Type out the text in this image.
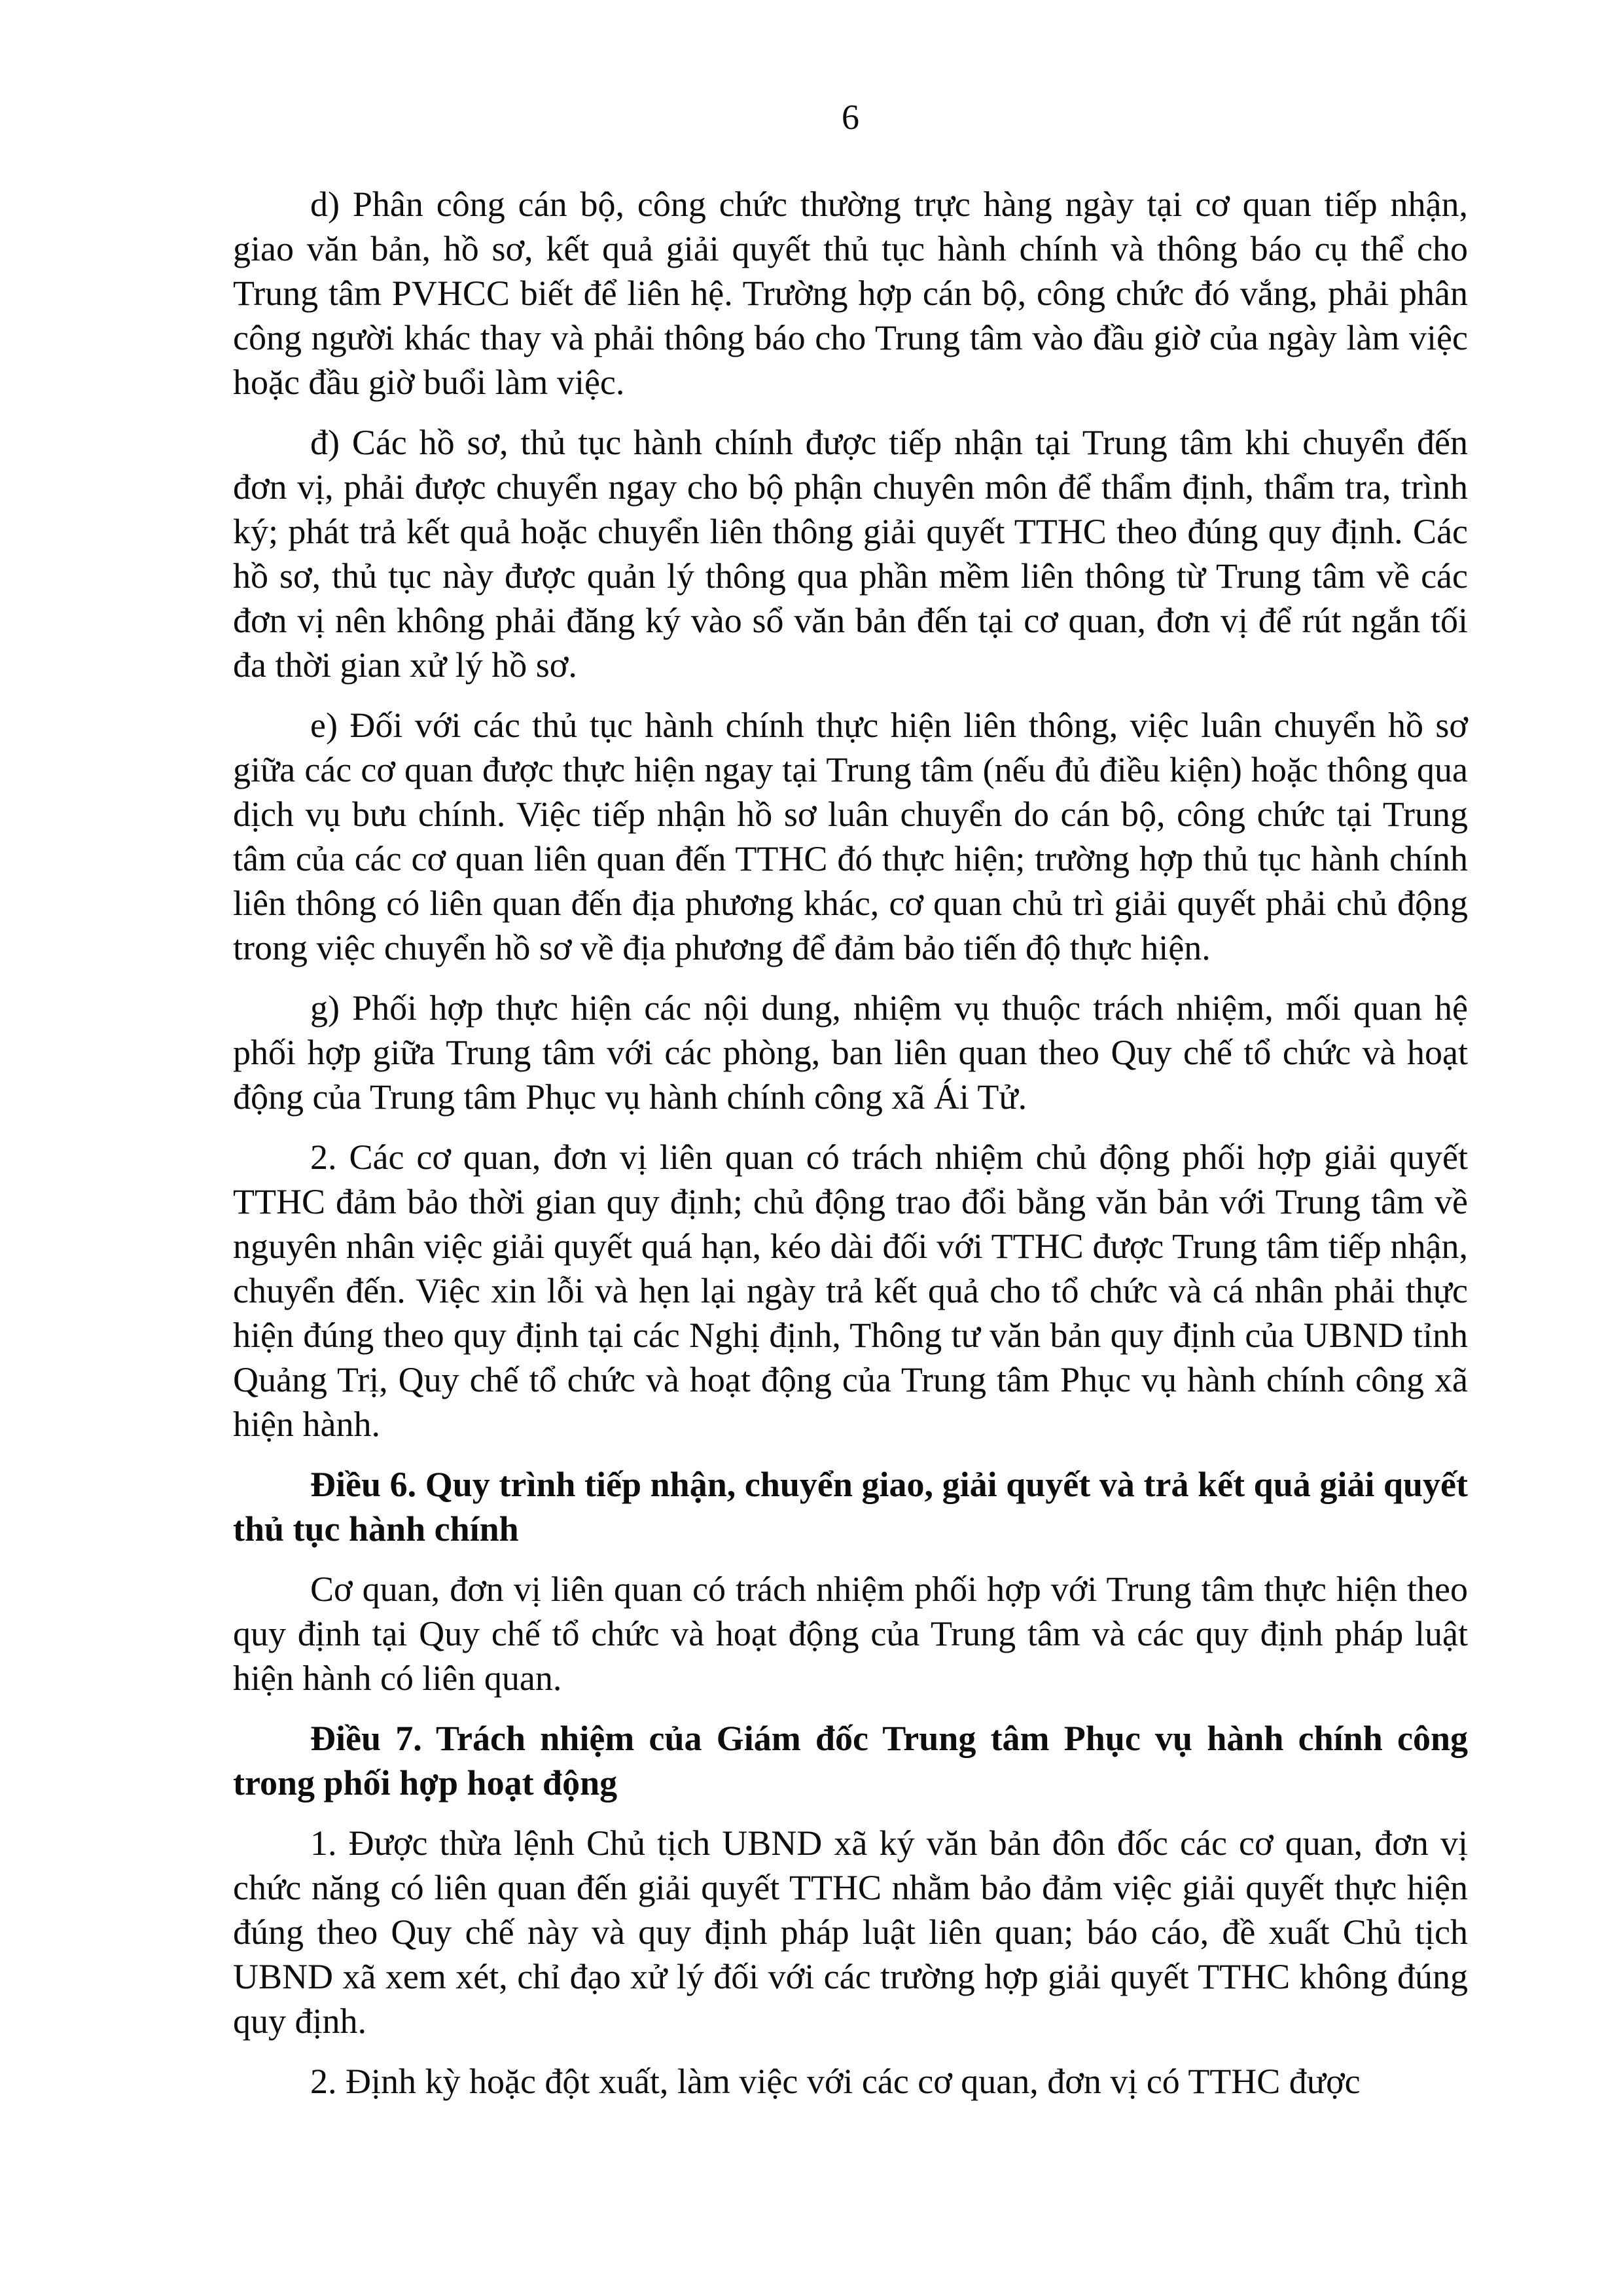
6

d) Phân công cán bộ, công chức thường trực hàng ngày tại cơ quan tiếp nhận, giao văn bản, hồ sơ, kết quả giải quyết thủ tục hành chính và thông báo cụ thể cho Trung tâm PVHCC biết để liên hệ. Trường hợp cán bộ, công chức đó vắng, phải phân công người khác thay và phải thông báo cho Trung tâm vào đầu giờ của ngày làm việc hoặc đầu giờ buổi làm việc.

đ) Các hồ sơ, thủ tục hành chính được tiếp nhận tại Trung tâm khi chuyển đến đơn vị, phải được chuyển ngay cho bộ phận chuyên môn để thẩm định, thẩm tra, trình ký; phát trả kết quả hoặc chuyển liên thông giải quyết TTHC theo đúng quy định. Các hồ sơ, thủ tục này được quản lý thông qua phần mềm liên thông từ Trung tâm về các đơn vị nên không phải đăng ký vào sổ văn bản đến tại cơ quan, đơn vị để rút ngắn tối đa thời gian xử lý hồ sơ.

e) Đối với các thủ tục hành chính thực hiện liên thông, việc luân chuyển hồ sơ giữa các cơ quan được thực hiện ngay tại Trung tâm (nếu đủ điều kiện) hoặc thông qua dịch vụ bưu chính. Việc tiếp nhận hồ sơ luân chuyển do cán bộ, công chức tại Trung tâm của các cơ quan liên quan đến TTHC đó thực hiện; trường hợp thủ tục hành chính liên thông có liên quan đến địa phương khác, cơ quan chủ trì giải quyết phải chủ động trong việc chuyển hồ sơ về địa phương để đảm bảo tiến độ thực hiện.

g) Phối hợp thực hiện các nội dung, nhiệm vụ thuộc trách nhiệm, mối quan hệ phối hợp giữa Trung tâm với các phòng, ban liên quan theo Quy chế tổ chức và hoạt động của Trung tâm Phục vụ hành chính công xã Ái Tử.

2. Các cơ quan, đơn vị liên quan có trách nhiệm chủ động phối hợp giải quyết TTHC đảm bảo thời gian quy định; chủ động trao đổi bằng văn bản với Trung tâm về nguyên nhân việc giải quyết quá hạn, kéo dài đối với TTHC được Trung tâm tiếp nhận, chuyển đến. Việc xin lỗi và hẹn lại ngày trả kết quả cho tổ chức và cá nhân phải thực hiện đúng theo quy định tại các Nghị định, Thông tư văn bản quy định của UBND tỉnh Quảng Trị, Quy chế tổ chức và hoạt động của Trung tâm Phục vụ hành chính công xã hiện hành.

Điều 6. Quy trình tiếp nhận, chuyển giao, giải quyết và trả kết quả giải quyết thủ tục hành chính

Cơ quan, đơn vị liên quan có trách nhiệm phối hợp với Trung tâm thực hiện theo quy định tại Quy chế tổ chức và hoạt động của Trung tâm và các quy định pháp luật hiện hành có liên quan.

Điều 7. Trách nhiệm của Giám đốc Trung tâm Phục vụ hành chính công trong phối hợp hoạt động

1. Được thừa lệnh Chủ tịch UBND xã ký văn bản đôn đốc các cơ quan, đơn vị chức năng có liên quan đến giải quyết TTHC nhằm bảo đảm việc giải quyết thực hiện đúng theo Quy chế này và quy định pháp luật liên quan; báo cáo, đề xuất Chủ tịch UBND xã xem xét, chỉ đạo xử lý đối với các trường hợp giải quyết TTHC không đúng quy định.

2. Định kỳ hoặc đột xuất, làm việc với các cơ quan, đơn vị có TTHC được
